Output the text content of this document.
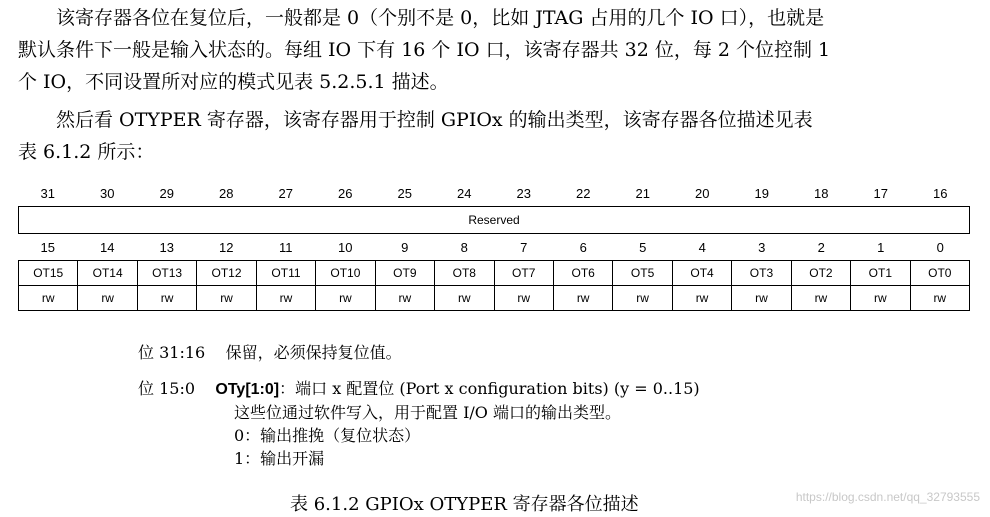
该寄存器各位在复位后，一般都是 0（个别不是 0，比如 JTAG 占用的几个 IO 口），也就是
默认条件下一般是输入状态的。每组 IO 下有 16 个 IO 口，该寄存器共 32 位，每 2 个位控制 1
个 IO，不同设置所对应的模式见表 5.2.5.1 描述。
然后看 OTYPER 寄存器，该寄存器用于控制 GPIOx 的输出类型，该寄存器各位描述见表
表 6.1.2 所示：
31	30	29	28	27	26	25	24	23	22	21	20	19	18	17	16
Reserved
15	14	13	12	11	10	9	8	7	6	5	4	3	2	1	0
OT15	OT14	OT13	OT12	OT11	OT10	OT9	OT8	OT7	OT6	OT5	OT4	OT3	OT2	OT1	OT0
rw	rw	rw	rw	rw	rw	rw	rw	rw	rw	rw	rw	rw	rw	rw	rw
位 31:16 保留，必须保持复位值。
位 15:0 OTy[1:0]：端口 x 配置位 (Port x configuration bits) (y = 0..15)
这些位通过软件写入，用于配置 I/O 端口的输出类型。
0：输出推挽（复位状态）
1：输出开漏
表 6.1.2 GPIOx OTYPER 寄存器各位描述	https://blog.csdn.net/qq_32793555
